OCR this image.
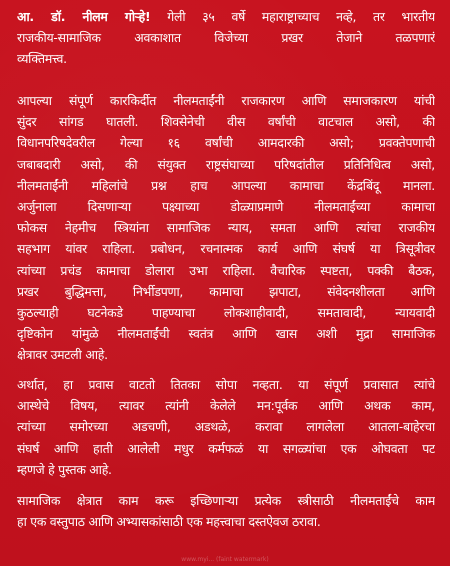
आ. डॉ. नीलम गोऱ्हे! गेली ३५ वर्षे महाराष्ट्राच्याच नव्हे, तर भारतीय
राजकीय-सामाजिक अवकाशात विजेच्या प्रखर तेजाने तळपणारं
व्यक्तिमत्त्व.

आपल्या संपूर्ण कारकिर्दीत नीलमताईंनी राजकारण आणि समाजकारण यांची
सुंदर सांगड घातली. शिवसेनेची वीस वर्षांची वाटचाल असो, की
विधानपरिषदेवरील गेल्या १६ वर्षांची आमदारकी असो; प्रवक्तेपणाची
जबाबदारी असो, की संयुक्त राष्ट्रसंघाच्या परिषदांतील प्रतिनिधित्व असो,
नीलमताईंनी महिलांचे प्रश्न हाच आपल्या कामाचा केंद्रबिंदू मानला.
अर्जुनाला दिसणाऱ्या पक्ष्याच्या डोळ्याप्रमाणे नीलमताईंच्या कामाचा
फोकस नेहमीच स्त्रियांना सामाजिक न्याय, समता आणि त्यांचा राजकीय
सहभाग यांवर राहिला. प्रबोधन, रचनात्मक कार्य आणि संघर्ष या त्रिसूत्रीवर
त्यांच्या प्रचंड कामाचा डोलारा उभा राहिला. वैचारिक स्पष्टता, पक्की बैठक,
प्रखर बुद्धिमत्ता, निर्भीडपणा, कामाचा झपाटा, संवेदनशीलता आणि
कुठल्याही घटनेकडे पाहण्याचा लोकशाहीवादी, समतावादी, न्यायवादी
दृष्टिकोन यांमुळे नीलमताईंची स्वतंत्र आणि खास अशी मुद्रा सामाजिक
क्षेत्रावर उमटली आहे.

अर्थात, हा प्रवास वाटतो तितका सोपा नव्हता. या संपूर्ण प्रवासात त्यांचे
आस्थेचे विषय, त्यावर त्यांनी केलेले मन:पूर्वक आणि अथक काम,
त्यांच्या समोरच्या अडचणी, अडथळे, करावा लागलेला आतला-बाहेरचा
संघर्ष आणि हाती आलेली मधुर कर्मफळं या सगळ्यांचा एक ओघवता पट
म्हणजे हे पुस्तक आहे.

सामाजिक क्षेत्रात काम करू इच्छिणाऱ्या प्रत्येक स्त्रीसाठी नीलमताईंचे काम
हा एक वस्तुपाठ आणि अभ्यासकांसाठी एक महत्त्वाचा दस्तऐवज ठरावा.

www.myi... (faint watermark)
